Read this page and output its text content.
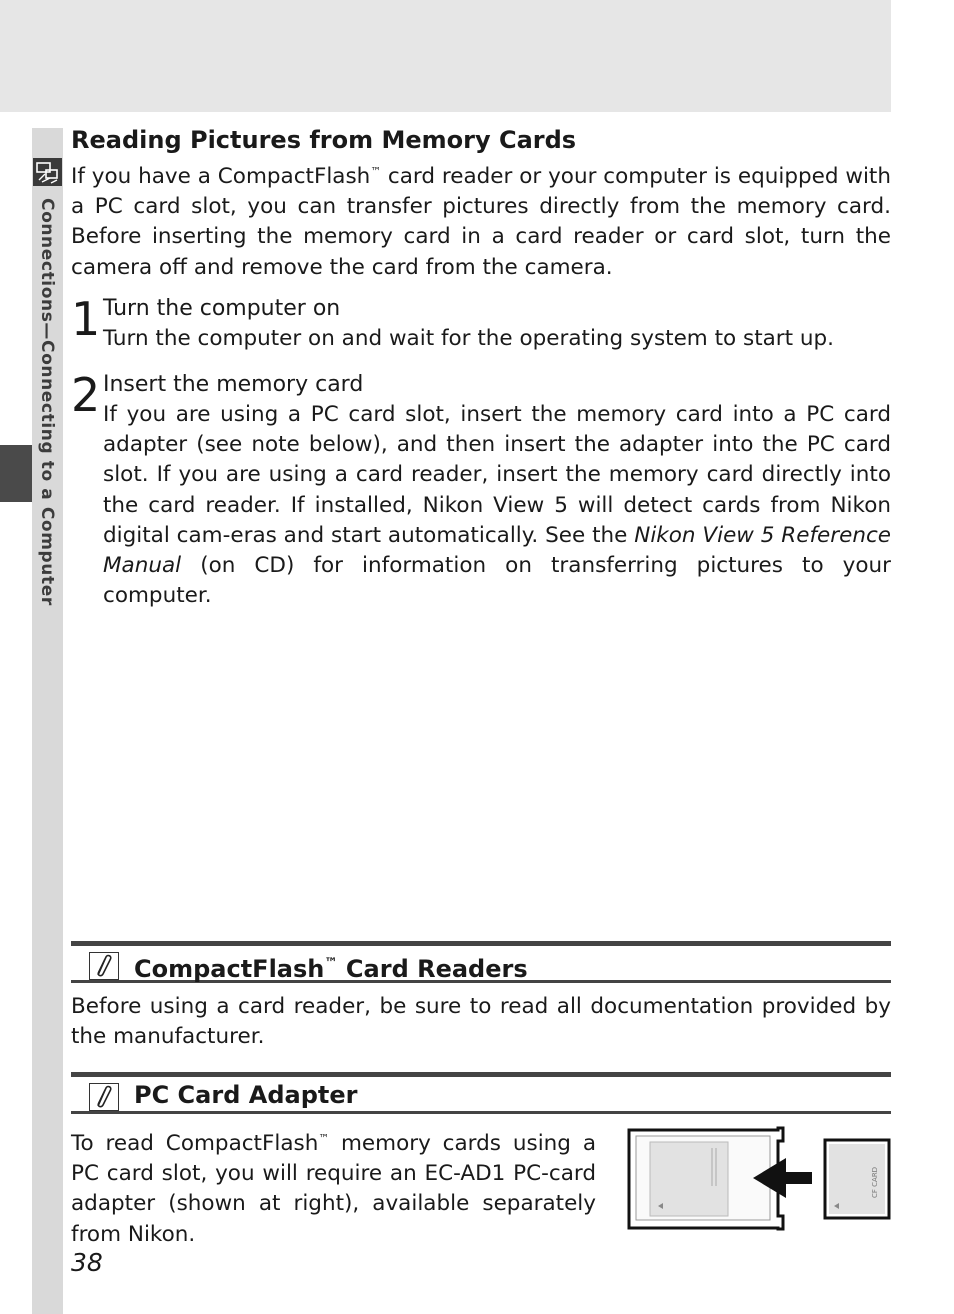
Connections—Connecting to a Computer
Reading Pictures from Memory Cards

If you have a CompactFlash™ card reader or your computer is equipped with a PC card slot, you can transfer pictures directly from the memory card. Before inserting the memory card in a card reader or card slot, turn the camera off and remove the card from the camera.

1 Turn the computer on

Turn the computer on and wait for the operating system to start up.

2 Insert the memory card

If you are using a PC card slot, insert the memory card into a PC card adapter (see note below), and then insert the adapter into the PC card slot. If you are using a card reader, insert the memory card directly into the card reader. If installed, Nikon View 5 will detect cards from Nikon digital cam-eras and start automatically. See the Nikon View 5 Reference Manual (on CD) for information on transferring pictures to your computer.

CompactFlash™ Card Readers

Before using a card reader, be sure to read all documentation provided by the manufacturer.

PC Card Adapter

To read CompactFlash™ memory cards using a PC card slot, you will require an EC-AD1 PC-card adapter (shown at right), available separately from Nikon.

CF CARD
38
